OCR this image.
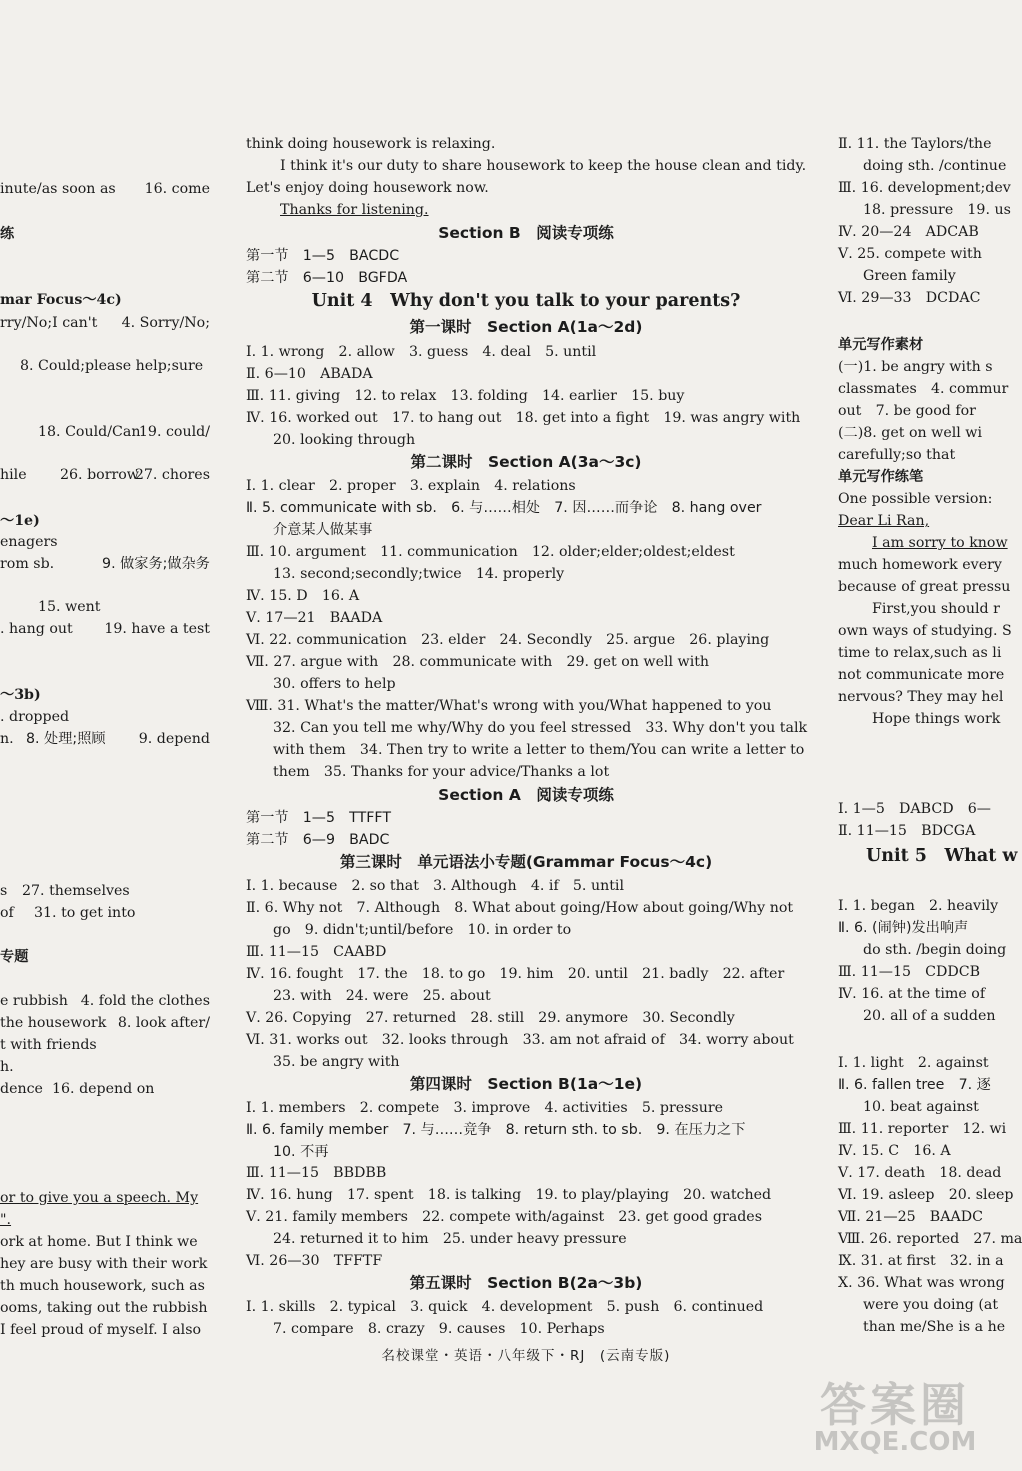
inute/as soon as 16. come
练
mar Focus～4c)
rry/No;I can't 4. Sorry/No;
8. Could;please help;sure
18. Could/Can
19. could/
hile 26. borrow
27. chores
～1e)
enagers
rom sb.	9. 做家务;做杂务
15. went
. hang out 19. have a test
～3b)
. dropped
n. 8. 处理;照顾 9. depend
s 27. themselves
of 31. to get into
专题
e rubbish 4. fold the clothes
the housework 8. look after/
t with friends
h.
dence 16. depend on
or to give you a speech. My
".
ork at home. But I think we
hey are busy with their work
th much housework, such as
ooms, taking out the rubbish
I feel proud of myself. I also
think doing housework is relaxing.
I think it's our duty to share housework to keep the house clean and tidy.
Let's enjoy doing housework now.
Thanks for listening.
Section B　阅读专项练
第一节　1—5　BACDC
第二节　6—10　BGFDA
Unit 4　Why don't you talk to your parents?
第一课时　Section A(1a～2d)
Ⅰ. 1. wrong　2. allow　3. guess　4. deal　5. until
Ⅱ. 6—10　ABADA
Ⅲ. 11. giving　12. to relax　13. folding　14. earlier　15. buy
Ⅳ. 16. worked out　17. to hang out　18. get into a fight　19. was angry with
20. looking through
第二课时　Section A(3a～3c)
Ⅰ. 1. clear　2. proper　3. explain　4. relations
Ⅱ. 5. communicate with sb.　6. 与……相处　7. 因……而争论　8. hang over
介意某人做某事
Ⅲ. 10. argument　11. communication　12. older;elder;oldest;eldest
13. second;secondly;twice　14. properly
Ⅳ. 15. D　16. A
Ⅴ. 17—21　BAADA
Ⅵ. 22. communication　23. elder　24. Secondly　25. argue　26. playing
Ⅶ. 27. argue with　28. communicate with　29. get on well with
30. offers to help
Ⅷ. 31. What's the matter/What's wrong with you/What happened to you
32. Can you tell me why/Why do you feel stressed　33. Why don't you talk
with them　34. Then try to write a letter to them/You can write a letter to
them　35. Thanks for your advice/Thanks a lot
Section A　阅读专项练
第一节　1—5　TTFFT
第二节　6—9　BADC
第三课时　单元语法小专题(Grammar Focus～4c)
Ⅰ. 1. because　2. so that　3. Although　4. if　5. until
Ⅱ. 6. Why not　7. Although　8. What about going/How about going/Why not
go　9. didn't;until/before　10. in order to
Ⅲ. 11—15　CAABD
Ⅳ. 16. fought　17. the　18. to go　19. him　20. until　21. badly　22. after
23. with　24. were　25. about
Ⅴ. 26. Copying　27. returned　28. still　29. anymore　30. Secondly
Ⅵ. 31. works out　32. looks through　33. am not afraid of　34. worry about
35. be angry with
第四课时　Section B(1a～1e)
Ⅰ. 1. members　2. compete　3. improve　4. activities　5. pressure
Ⅱ. 6. family member　7. 与……竞争　8. return sth. to sb.　9. 在压力之下
10. 不再
Ⅲ. 11—15　BBDBB
Ⅳ. 16. hung　17. spent　18. is talking　19. to play/playing　20. watched
Ⅴ. 21. family members　22. compete with/against　23. get good grades
24. returned it to him　25. under heavy pressure
Ⅵ. 26—30　TFFTF
第五课时　Section B(2a～3b)
Ⅰ. 1. skills　2. typical　3. quick　4. development　5. push　6. continued
7. compare　8. crazy　9. causes　10. Perhaps
Ⅱ. 11. the Taylors/the
doing sth. /continue
Ⅲ. 16. development;dev
18. pressure　19. us
Ⅳ. 20—24　ADCAB
Ⅴ. 25. compete with
Green family
Ⅵ. 29—33　DCDAC
单元写作素材
(一)1. be angry with s
classmates　4. commur
out　7. be good for
(二)8. get on well wi
carefully;so that
单元写作练笔
One possible version:
Dear Li Ran,
I am sorry to know
much homework every
because of great pressu
First,you should r
own ways of studying. S
time to relax,such as li
not communicate more
nervous? They may hel
Hope things work
Ⅰ. 1—5　DABCD　6—
Ⅱ. 11—15　BDCGA
Unit 5　What w
Ⅰ. 1. began　2. heavily
Ⅱ. 6. (闹钟)发出响声
do sth. /begin doing
Ⅲ. 11—15　CDDCB
Ⅳ. 16. at the time of
20. all of a sudden
Ⅰ. 1. light　2. against
Ⅱ. 6. fallen tree　7. 逐
10. beat against
Ⅲ. 11. reporter　12. wi
Ⅳ. 15. C　16. A
Ⅴ. 17. death　18. dead
Ⅵ. 19. asleep　20. sleep
Ⅶ. 21—25　BAADC
Ⅷ. 26. reported　27. ma
Ⅸ. 31. at first　32. in a
Ⅹ. 36. What was wrong
were you doing (at
than me/She is a he
名校课堂・英语・八年级下・RJ　(云南专版)
答案圈
MXQE.COM
